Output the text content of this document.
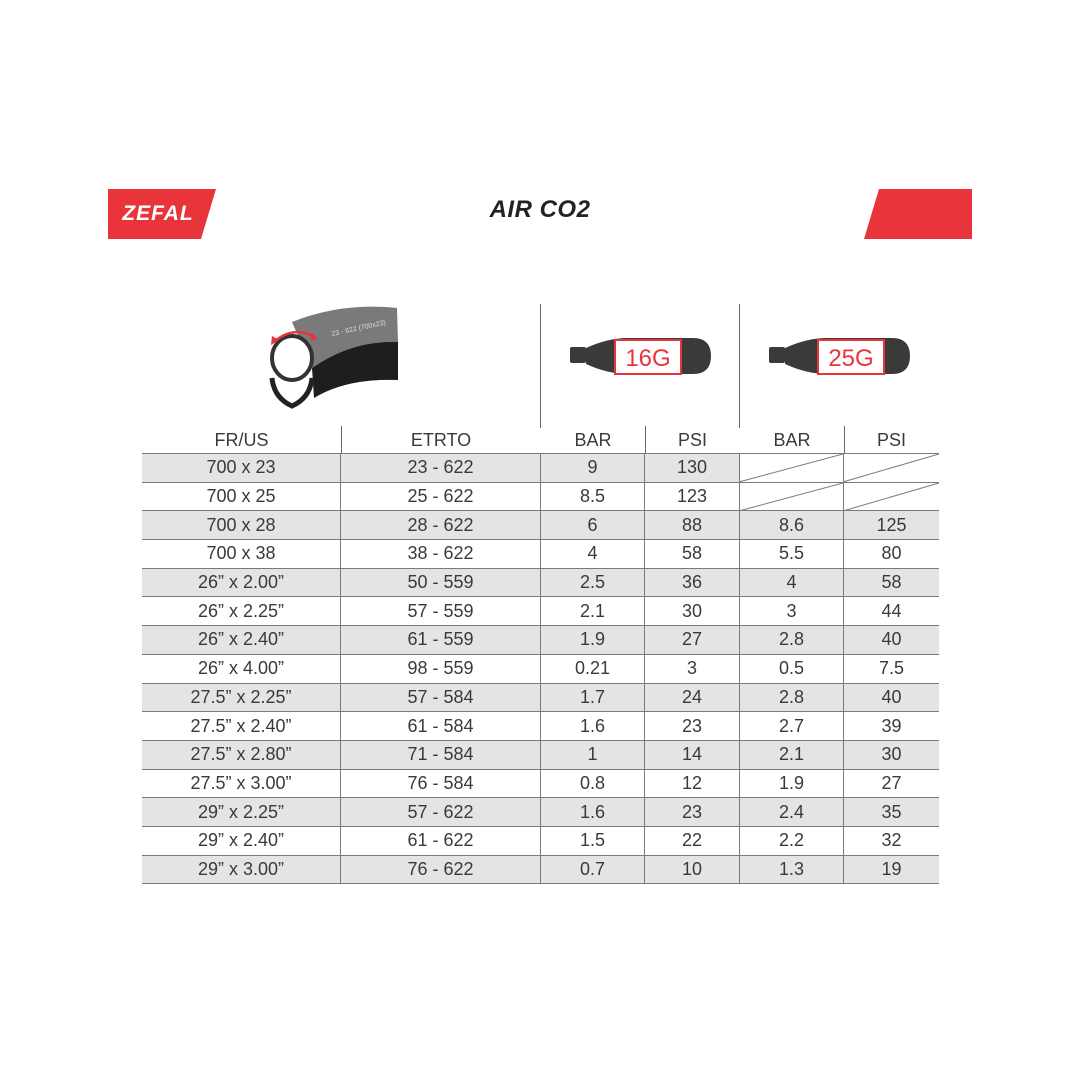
ZEFAL	AIR CO2
23 - 622 (700x23)
16G	25G
FR/US	ETRTO	BAR	PSI	BAR	PSI
700 x 23	23 - 622	9	130
700 x 25	25 - 622	8.5	123
700 x 28	28 - 622	6	88	8.6	125
700 x 38	38 - 622	4	58	5.5	80
26” x 2.00”	50 - 559	2.5	36	4	58
26” x 2.25”	57 - 559	2.1	30	3	44
26” x 2.40”	61 - 559	1.9	27	2.8	40
26” x 4.00”	98 - 559	0.21	3	0.5	7.5
27.5” x 2.25”	57 - 584	1.7	24	2.8	40
27.5” x 2.40”	61 - 584	1.6	23	2.7	39
27.5” x 2.80”	71 - 584	1	14	2.1	30
27.5” x 3.00”	76 - 584	0.8	12	1.9	27
29” x 2.25”	57 - 622	1.6	23	2.4	35
29” x 2.40”	61 - 622	1.5	22	2.2	32
29” x 3.00”	76 - 622	0.7	10	1.3	19
